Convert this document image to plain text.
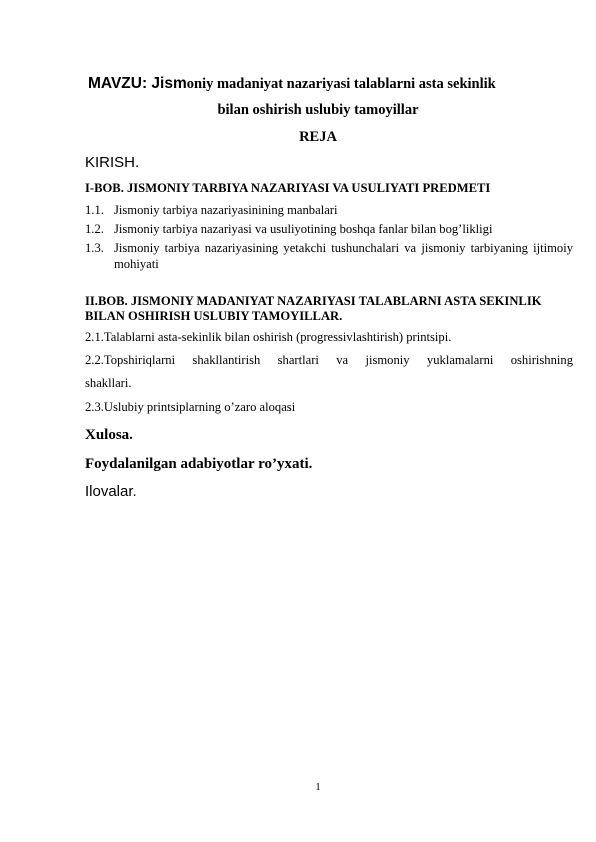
MAVZU: Jismoniy madaniyat nazariyasi talablarni asta sekinlik
bilan oshirish uslubiy tamoyillar
REJA
KIRISH.
I-BOB. JISMONIY TARBIYA NAZARIYASI VA USULIYATI PREDMETI
1.1. Jismoniy tarbiya nazariyasinining manbalari
1.2. Jismoniy tarbiya nazariyasi va usuliyotining boshqa fanlar bilan bog’likligi
1.3. Jismoniy tarbiya nazariyasining yetakchi tushunchalari va jismoniy tarbiyaning ijtimoiy mohiyati
II.BOB. JISMONIY MADANIYAT NAZARIYASI TALABLARNI ASTA SEKINLIK BILAN OSHIRISH USLUBIY TAMOYILLAR.
2.1.Talablarni asta-sekinlik bilan oshirish (progressivlashtirish) printsipi.
2.2.Topshiriqlarni shakllantirish shartlari va jismoniy yuklamalarni oshirishning
shakllari.
2.3.Uslubiy printsiplarning o’zaro aloqasi
Xulosa.
Foydalanilgan adabiyotlar ro’yxati.
Ilovalar.
1
